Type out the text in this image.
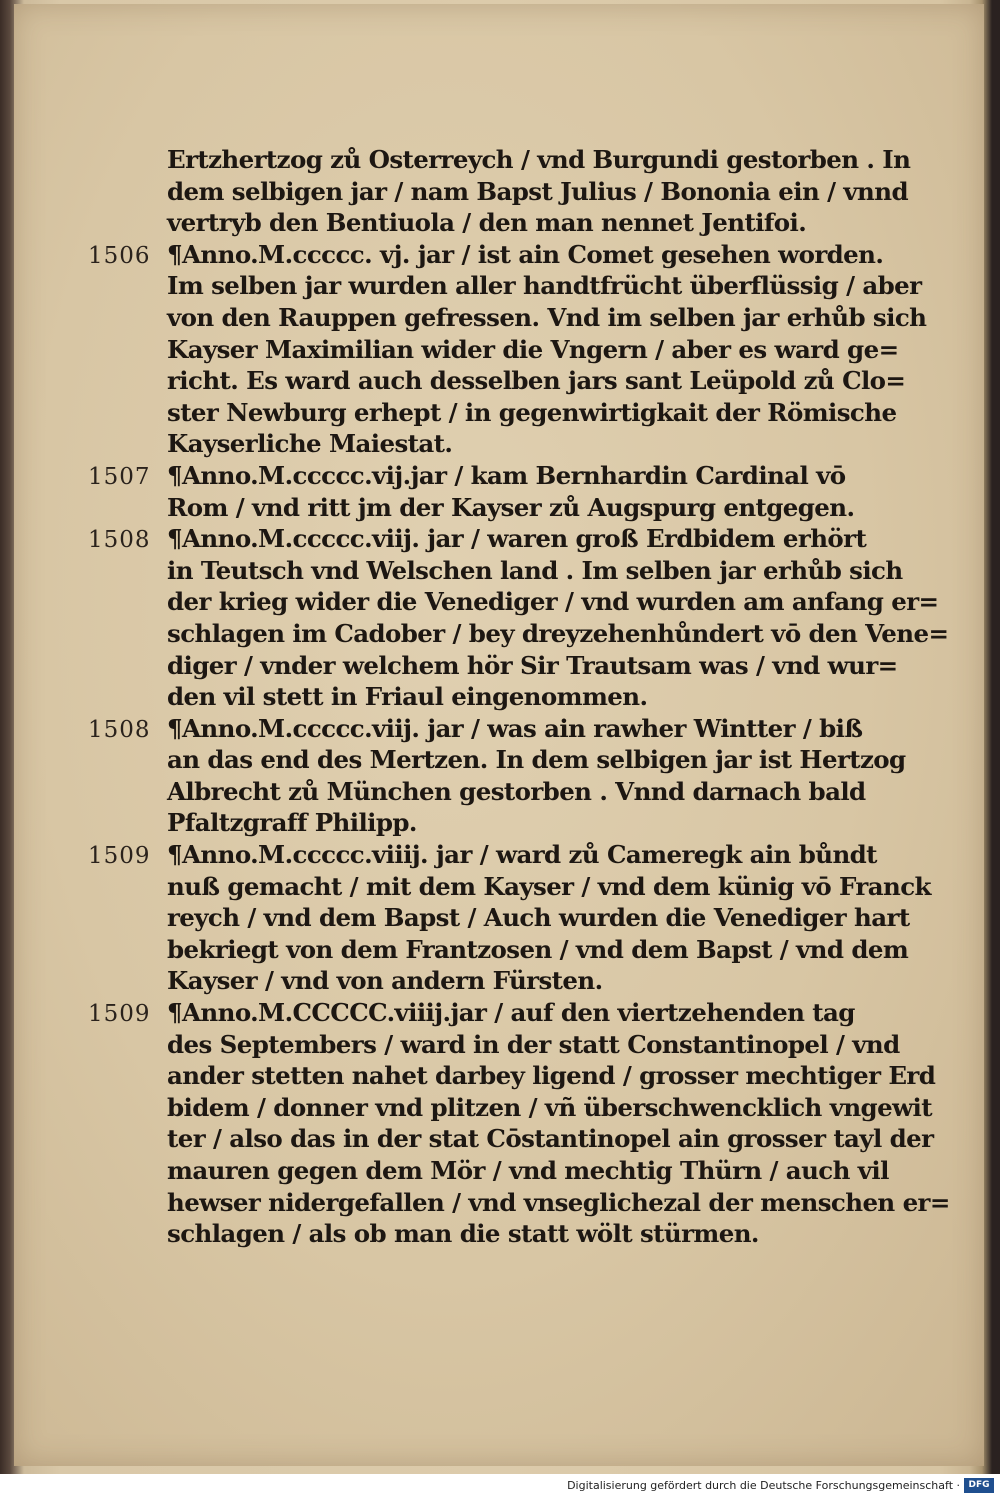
Ertzhertzog zů Osterreych / vnd Burgundi gestorben . In
dem selbigen jar / nam Bapst Julius / Bononia ein / vnnd
vertryb den Bentiuola / den man nennet Jentifoi.
1506 ¶Anno.M.ccccc. vj. jar / ist ain Comet gesehen worden.
Im selben jar wurden aller handtfrücht überflüssig / aber
von den Rauppen gefressen. Vnd im selben jar erhůb sich
Kayser Maximilian wider die Vngern / aber es ward ge=
richt. Es ward auch desselben jars sant Leüpold zů Clo=
ster Newburg erhept / in gegenwirtigkait der Römische
Kayserliche Maiestat.
1507 ¶Anno.M.ccccc.vij.jar / kam Bernhardin Cardinal vō
Rom / vnd ritt jm der Kayser zů Augspurg entgegen.
1508 ¶Anno.M.ccccc.viij. jar / waren groß Erdbidem erhört
in Teutsch vnd Welschen land . Im selben jar erhůb sich
der krieg wider die Venediger / vnd wurden am anfang er=
schlagen im Cadober / bey dreyzehenhůndert vō den Vene=
diger / vnder welchem hör Sir Trautsam was / vnd wur=
den vil stett in Friaul eingenommen.
1508 ¶Anno.M.ccccc.viij. jar / was ain rawher Wintter / biß
an das end des Mertzen. In dem selbigen jar ist Hertzog
Albrecht zů München gestorben . Vnnd darnach bald
Pfaltzgraff Philipp.
1509 ¶Anno.M.ccccc.viiij. jar / ward zů Cameregk ain bůndt
nuß gemacht / mit dem Kayser / vnd dem künig vō Franck
reych / vnd dem Bapst / Auch wurden die Venediger hart
bekriegt von dem Frantzosen / vnd dem Bapst / vnd dem
Kayser / vnd von andern Fürsten.
1509 ¶Anno.M.CCCCC.viiij.jar / auf den viertzehenden tag
des Septembers / ward in der statt Constantinopel / vnd
ander stetten nahet darbey ligend / grosser mechtiger Erd
bidem / donner vnd plitzen / vñ überschwencklich vngewit
ter / also das in der stat Cōstantinopel ain grosser tayl der
mauren gegen dem Mör / vnd mechtig Thürn / auch vil
hewser nidergefallen / vnd vnseglichezal der menschen er=
schlagen / als ob man die statt wölt stürmen.
Digitalisierung gefördert durch die Deutsche Forschungsgemeinschaft · DFG
